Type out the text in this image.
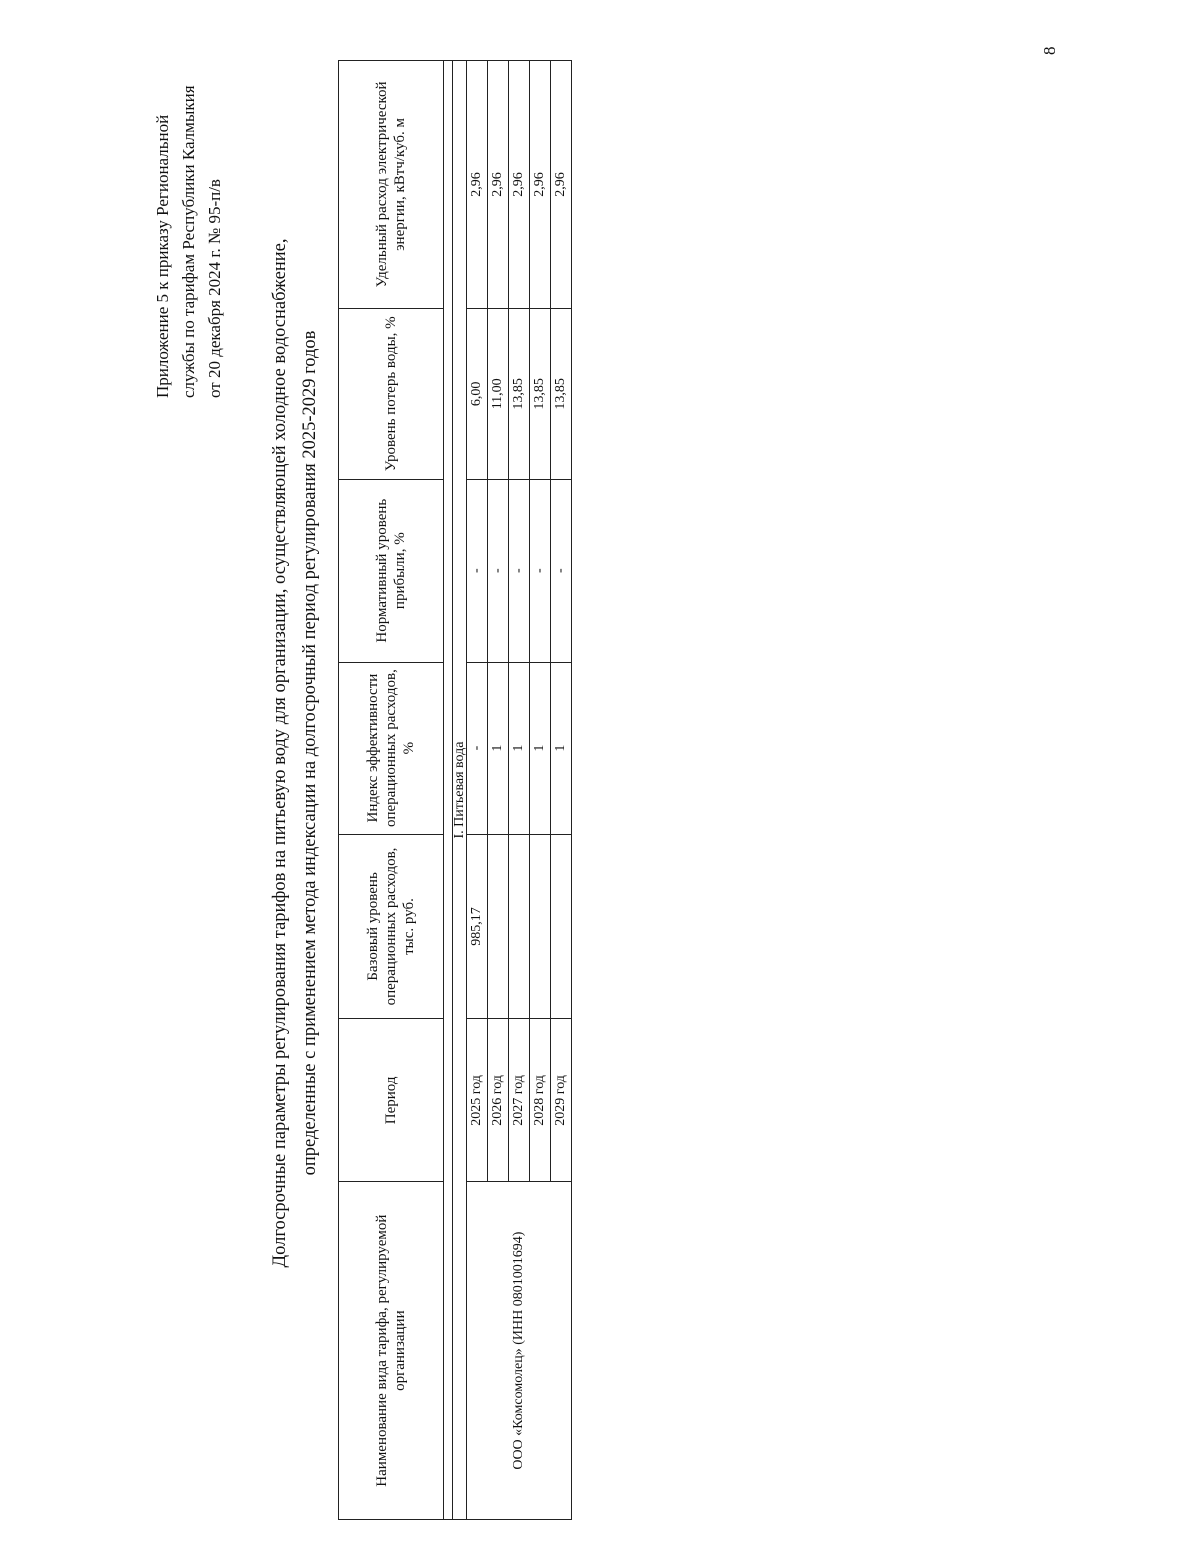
8
Приложение 5 к приказу Региональной службы по тарифам Республики Калмыкия от 20 декабря 2024 г. № 95-п/в Долгосрочные параметры регулирования тарифов на питьевую воду для организации, осуществляющей холодное водоснабжение, определенные с применением метода индексации на долгосрочный период регулирования 2025-2029 годов
Наименование вида тарифа, регулируемой организации	Период	Базовый уровень операционных расходов, тыс. руб.	Индекс эффективности операционных расходов, %	Нормативный уровень прибыли, %	Уровень потерь воды, %	Удельный расход электрической энергии, кВтч/куб. м

I. Питьевая вода						
ООО «Комсомолец» (ИНН 0801001694)	2025 год	985,17	-	-	6,00	2,96
	2026 год		1	-	11,00	2,96
	2027 год		1	-	13,85	2,96
	2028 год		1	-	13,85	2,96
	2029 год		1	-	13,85	2,96
